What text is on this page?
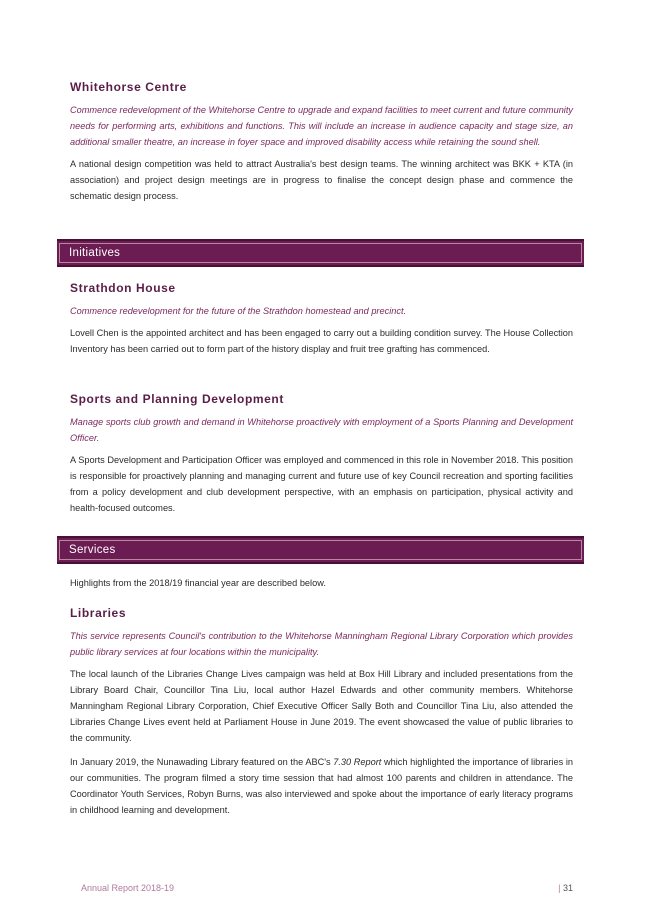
Whitehorse Centre

Commence redevelopment of the Whitehorse Centre to upgrade and expand facilities to meet current and future community needs for performing arts, exhibitions and functions. This will include an increase in audience capacity and stage size, an additional smaller theatre, an increase in foyer space and improved disability access while retaining the sound shell.

A national design competition was held to attract Australia's best design teams. The winning architect was BKK + KTA (in association) and project design meetings are in progress to finalise the concept design phase and commence the schematic design process.

Initiatives
Strathdon House

Commence redevelopment for the future of the Strathdon homestead and precinct.

Lovell Chen is the appointed architect and has been engaged to carry out a building condition survey. The House Collection Inventory has been carried out to form part of the history display and fruit tree grafting has commenced.

Sports and Planning Development

Manage sports club growth and demand in Whitehorse proactively with employment of a Sports Planning and Development Officer.

A Sports Development and Participation Officer was employed and commenced in this role in November 2018. This position is responsible for proactively planning and managing current and future use of key Council recreation and sporting facilities from a policy development and club development perspective, with an emphasis on participation, physical activity and health-focused outcomes.

Services

Highlights from the 2018/19 financial year are described below.

Libraries

This service represents Council's contribution to the Whitehorse Manningham Regional Library Corporation which provides public library services at four locations within the municipality.

The local launch of the Libraries Change Lives campaign was held at Box Hill Library and included presentations from the Library Board Chair, Councillor Tina Liu, local author Hazel Edwards and other community members. Whitehorse Manningham Regional Library Corporation, Chief Executive Officer Sally Both and Councillor Tina Liu, also attended the Libraries Change Lives event held at Parliament House in June 2019. The event showcased the value of public libraries to the community.

In January 2019, the Nunawading Library featured on the ABC's 7.30 Report which highlighted the importance of libraries in our communities. The program filmed a story time session that had almost 100 parents and children in attendance. The Coordinator Youth Services, Robyn Burns, was also interviewed and spoke about the importance of early literacy programs in childhood learning and development.

Annual Report 2018-19	| 31
